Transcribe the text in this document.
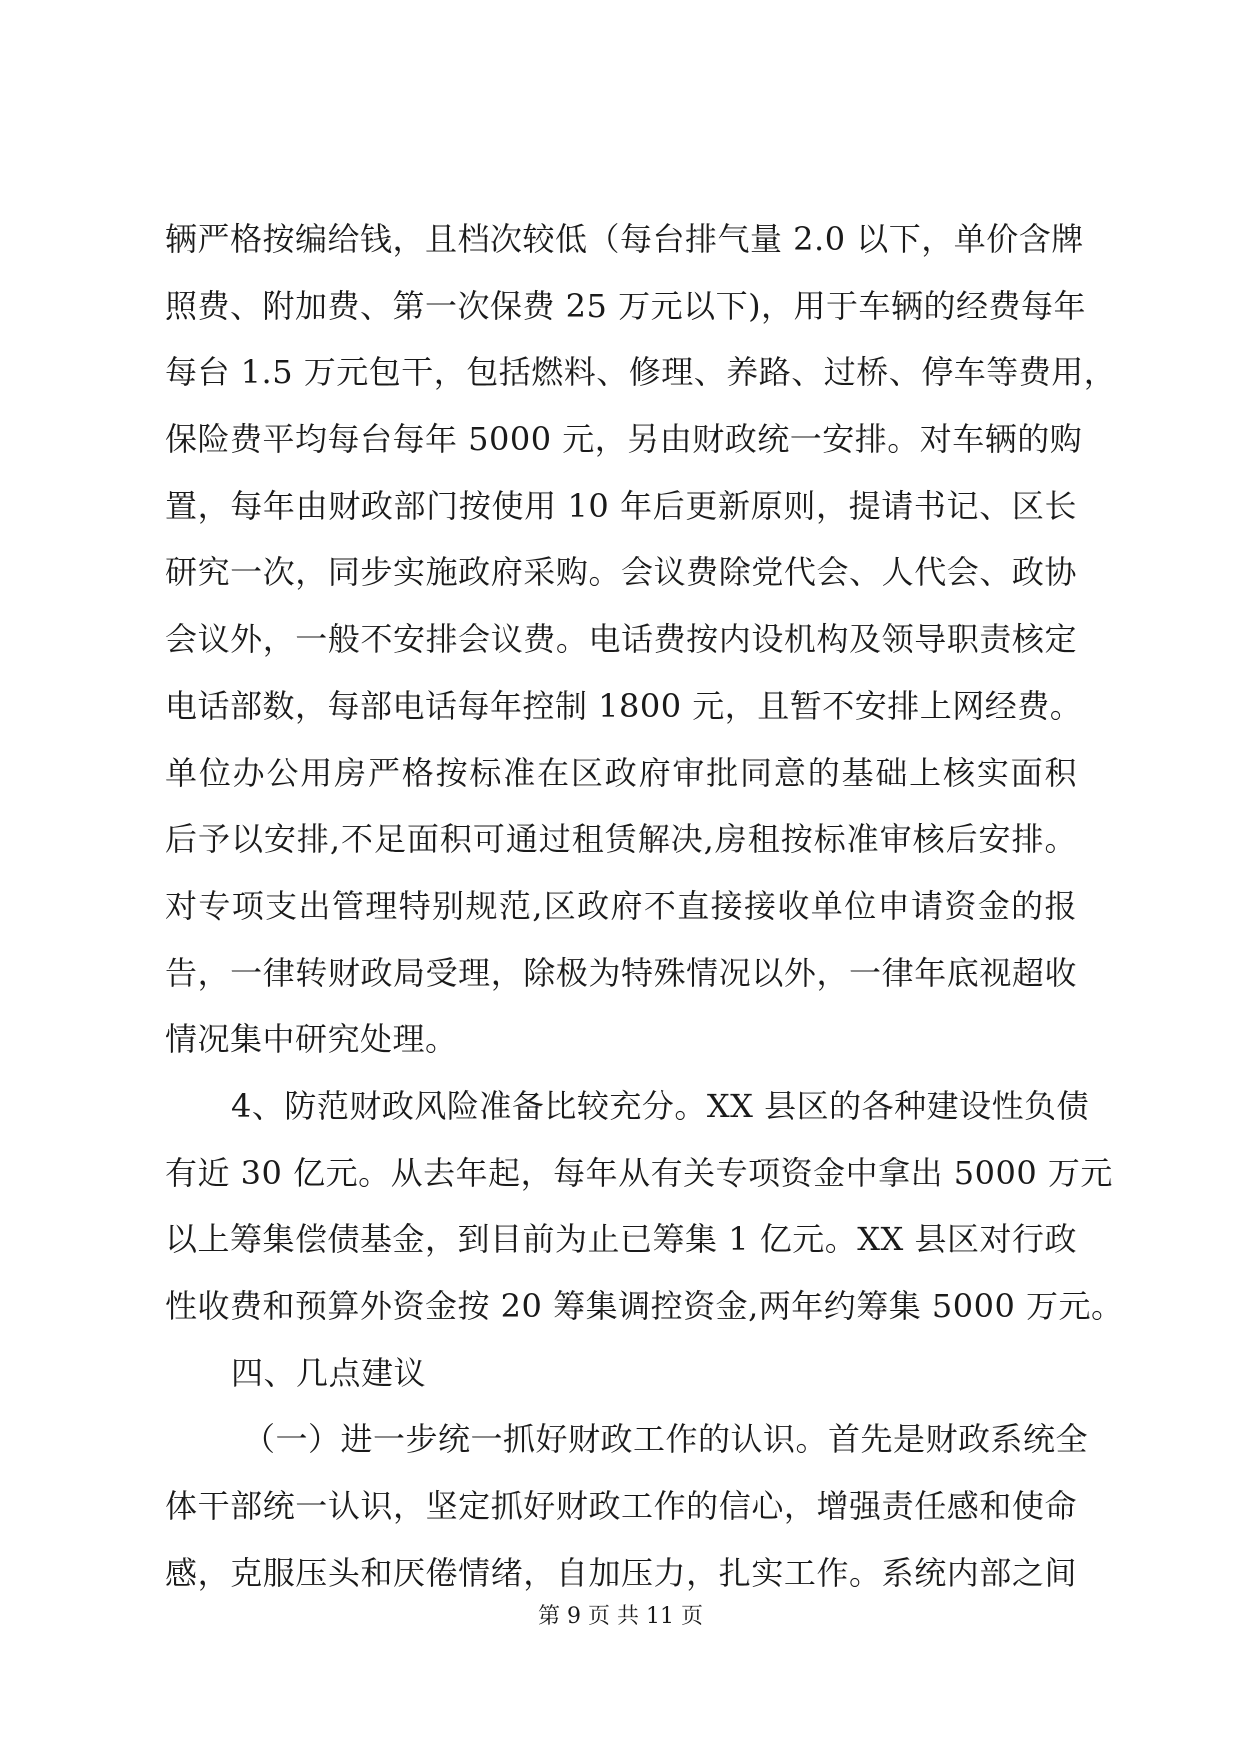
辆严格按编给钱，且档次较低（每台排气量 2.0 以下，单价含牌
照费、附加费、第一次保费 25 万元以下)，用于车辆的经费每年
每台 1.5 万元包干，包括燃料、修理、养路、过桥、停车等费用，
保险费平均每台每年 5000 元，另由财政统一安排。对车辆的购
置，每年由财政部门按使用 10 年后更新原则，提请书记、区长
研究一次，同步实施政府采购。会议费除党代会、人代会、政协
会议外，一般不安排会议费。电话费按内设机构及领导职责核定
电话部数，每部电话每年控制 1800 元，且暂不安排上网经费。
单位办公用房严格按标准在区政府审批同意的基础上核实面积
后予以安排,不足面积可通过租赁解决,房租按标准审核后安排。
对专项支出管理特别规范,区政府不直接接收单位申请资金的报
告，一律转财政局受理，除极为特殊情况以外，一律年底视超收
情况集中研究处理。
4、防范财政风险准备比较充分。XX 县区的各种建设性负债
有近 30 亿元。从去年起，每年从有关专项资金中拿出 5000 万元
以上筹集偿债基金，到目前为止已筹集 1 亿元。XX 县区对行政
性收费和预算外资金按 20 筹集调控资金,两年约筹集 5000 万元。
四、几点建议
（一）进一步统一抓好财政工作的认识。首先是财政系统全
体干部统一认识，坚定抓好财政工作的信心，增强责任感和使命
感，克服压头和厌倦情绪，自加压力，扎实工作。系统内部之间
第 9 页 共 11 页
